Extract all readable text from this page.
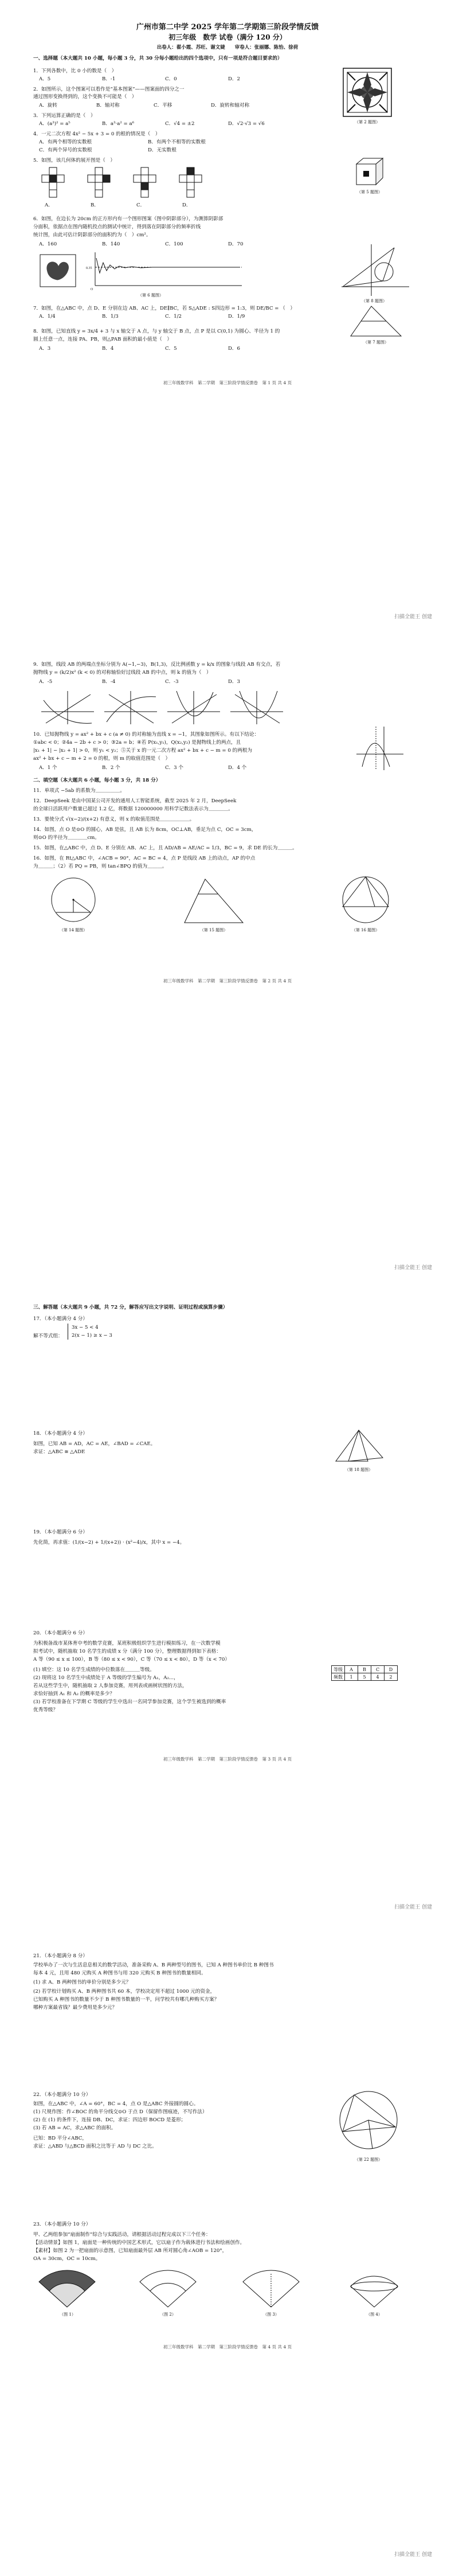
广州市第二中学 2025 学年第二学期第三阶段学情反馈
初三年级　数学 试卷（满分 120 分）
出卷人：翟小霞、苏旺、谢文婕　　审卷人：张丽娜、陈怡、徐荷
一、选择题（本大题共 10 小题，每小题 3 分，共 30 分每小题给出的四个选项中，只有一项是符合题目要求的）
1．下列各数中，比 0 小的数是（　）
A．5	B．-1	C．0	D．2
2．如图所示，这个图案可以看作是“基本图案”——图案面的四分之一
通过图形变换得到的，这个变换不可能是（　）
A．旋转	B．轴对称	C．平移	D．旋转和轴对称
（第 2 题图）
3．下列运算正确的是（　）
A．(a³)² = a⁵	B．a³·a² = a⁶	C．√4 = ±2	D．√2·√3 = √6
4．一元二次方程 4x² − 5x + 3 = 0 的根的情况是（　）
A．有两个相等的实数根	B．有两个不相等的实数根
C．有两个异号的实数根	D．无实数根
5．如图，该几何体的展开图是（　）
A．	B．	C．	D．
（第 5 题图）
6．如图，在边长为 20cm 的正方形内有一个图形图案（图中阴影部分），为测算阴影部
分面积，依据点在图内随机投点的测试中统计，得到落在阴影部分的频率折线
统计图，由此可估计阴影部分的面积约为（　）cm²。
A．160	B．140	C．100	D．70
0.35
O
（第 6 题图）
（第 8 题图）
7．如图，在△ABC 中，点 D、E 分别在边 AB、AC 上，DE∥BC，若 S△ADE : S四边形 = 1:3，则 DE/BC = （　）
A．1/4	B．1/3	C．1/2	D．1/9
（第 7 题图）
8．如图，已知直线 y = 3x/4 + 3 与 x 轴交于 A 点，与 y 轴交于 B 点，点 P 是以 C(0,1) 为圆心、半径为 1 的
圆上任意一点，连接 PA、PB，则△PAB 面积的最小值是（　）
A．3	B．4	C．5	D．6
初三年级数学科　第二学期　第三阶段学情反馈卷　第 1 页 共 4 页
扫描全能王 创建
9．如图，线段 AB 的两端点坐标分别为 A(−1,−3)，B(1,3)，反比例函数 y = k/x 的图象与线段 AB 有交点，若
抛物线 y = (k/2)x² (k < 0) 的对称轴恰好过线段 AB 的中点，则 k 的值为（　）
A．-5	B．-4	C．-3	D．3
10．已知抛物线 y = ax² + bx + c (a ≠ 0) 的对称轴为直线 x = −1，其图象如图所示。有以下结论：
①abc < 0；②4a − 2b + c > 0；③2a = b；④若 P(x₁,y₁)，Q(x₂,y₂) 是抛物线上的两点，且
|x₁ + 1| − |x₂ + 1| > 0，则 y₁ < y₂；⑤关于 x 的一元二次方程 ax² + bx + c − m = 0 的两根为
ax² + bx + c − m + 2 = 0 的根，则 m 的取值范围是（　）
A．1 个	B．2 个	C．3 个	D．4 个
二、填空题（本大题共 6 小题，每小题 3 分，共 18 分）
11．单项式 −5ab 的系数为＿＿＿＿＿。
12．DeepSeek 是由中国某公司开发的通用人工智能系统，截至 2025 年 2 月，DeepSeek
的全球日活跃用户数量已超过 1.2 亿，将数据 120000000 用科学记数法表示为＿＿＿＿。
13．要使分式 √(x−2)/(x+2) 有意义，则 x 的取值范围是＿＿＿＿＿＿。
14．如图，点 O 是⊙O 的圆心，AB 是弦，且 AB 长为 8cm，OC⊥AB，垂足为点 C，OC = 3cm，
则⊙O 的半径为＿＿＿＿cm。
15．如图，在△ABC 中，点 D、E 分别在 AB、AC 上，且 AD/AB = AE/AC = 1/3，BC = 9，求 DE 的长为＿＿＿。
16．如图，在 Rt△ABC 中，∠ACB = 90°，AC = BC = 4，点 P 是线段 AB 上的动点，AP 的中点
为＿＿＿；（2）若 PQ = PB，则 tan∠BPQ 的值为＿＿＿。
（第 14 题图）	（第 15 题图）	（第 16 题图）
初三年级数学科　第二学期　第三阶段学情反馈卷　第 2 页 共 4 页
扫描全能王 创建
三、解答题（本大题共 9 小题，共 72 分，解答应写出文字说明、证明过程或演算步骤）
17．（本小题满分 4 分）
解不等式组：
3x − 5 < 4
2(x − 1) ≥ x − 3
18．（本小题满分 4 分）
如图，已知 AB = AD，AC = AE，∠BAD = ∠CAE。
求证：△ABC ≅ △ADE
（第 18 题图）
19．（本小题满分 6 分）
先化简，再求值：(1/(x−2) + 1/(x+2)) · (x²−4)/x，其中 x = −4。
20．（本小题满分 6 分）
为积极备战市某体育中考的数学竞赛，某班积极组织学生进行模拟练习，在一次数学模
拟考试中，随机抽取 10 名学生的成绩 x 分（满分 100 分），整理数据得到如下表格：
A 等（90 ≤ x ≤ 100），B 等（80 ≤ x < 90），C 等（70 ≤ x < 80），D 等（x < 70）
(1) 填空：这 10 名学生成绩的中位数落在＿＿＿等级。
(2) 现将这 10 名学生中成绩处于 A 等级的学生编号为 A₁，A₂...，
若从这些学生中，随机抽取 2 人参加竞赛，用列表或画树状图的方法，
求恰好抽到 A₁ 和 A₂ 的概率是多少？
(3) 若学校准备在下学期 C 等级的学生中选出一名同学参加竞赛，这个学生被选到的概率
优秀等级？
等级	A	B	C	D
频数	1	5	4	2
初三年级数学科　第二学期　第三阶段学情反馈卷　第 3 页 共 4 页
扫描全能王 创建
21．（本小题满分 8 分）
学校举办了一次与生活息息相关的数学活动，准备采购 A、B 两种型号的图书，已知 A 种图书单价比 B 种图书
每本 4 元，且用 480 元购买 A 种图书与用 320 元购买 B 种图书的数量相同。
(1) 求 A、B 两种图书的单价分别是多少元？
(2) 若学校计划购买 A、B 两种图书共 60 本，学校决定用不超过 1000 元的资金，
已知购买 A 种图书的数量不少于 B 种图书数量的一半，问学校共有哪几种购买方案？
哪种方案最省钱？最少费用是多少元？
22．（本小题满分 10 分）
如图，在△ABC 中，∠A = 60°，BC = 4，点 O 是△ABC 外接圆的圆心。
(1) 尺规作图：作∠BOC 的角平分线交⊙O 于点 D（保留作图痕迹，不写作法）
(2) 在 (1) 的条件下，连接 DB、DC，求证：四边形 BOCD 是菱形；
(3) 若 AB = AC，求△ABC 的面积。
已知：BD 平分∠ABC，
求证：△ABD 与△BCD 面积之比等于 AD 与 DC 之比。
（第 22 题图）
23．（本小题满分 10 分）
甲、乙两组参加“扇面制作”综合与实践活动，请根据活动过程完成以下三个任务：
【活动情景】如图 1，扇面是一种传统的中国艺术形式，它以扇子作为载体进行书法和绘画创作。
【素材】如图 2 为一把扇面的示意图，已知扇面最外层 AB 所对圆心角∠AOB = 120°，
OA = 30cm，OC = 10cm。
（图 1）	（图 2）	（图 3）	（图 4）
初三年级数学科　第二学期　第三阶段学情反馈卷　第 4 页 共 4 页
扫描全能王 创建
